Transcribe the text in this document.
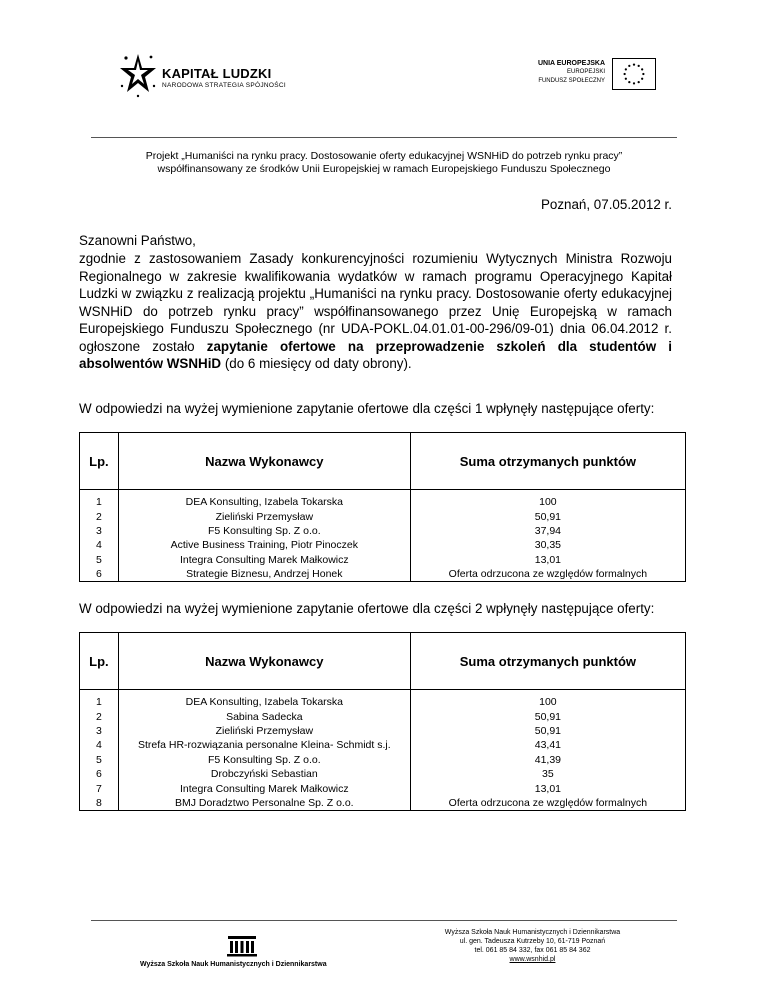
KAPITAŁ LUDZKI
NARODOWA STRATEGIA SPÓJNOŚCI
UNIA EUROPEJSKA
EUROPEJSKI
FUNDUSZ SPOŁECZNY
Projekt „Humaniści na rynku pracy. Dostosowanie oferty edukacyjnej WSNHiD do potrzeb rynku pracy”
współfinansowany ze środków Unii Europejskiej w ramach Europejskiego Funduszu Społecznego
Poznań, 07.05.2012 r.
Szanowni Państwo,
zgodnie z zastosowaniem Zasady konkurencyjności rozumieniu Wytycznych Ministra Rozwoju Regionalnego w zakresie kwalifikowania wydatków w ramach programu Operacyjnego Kapitał Ludzki w związku z realizacją projektu „Humaniści na rynku pracy. Dostosowanie oferty edukacyjnej WSNHiD do potrzeb rynku pracy” współfinansowanego przez Unię Europejską w ramach Europejskiego Funduszu Społecznego (nr UDA-POKL.04.01.01-00-296/09-01) dnia 06.04.2012 r. ogłoszone zostało zapytanie ofertowe na przeprowadzenie szkoleń dla studentów i absolwentów WSNHiD (do 6 miesięcy od daty obrony).
W odpowiedzi na wyżej wymienione zapytanie ofertowe dla części 1 wpłynęły następujące oferty:
Lp.	Nazwa Wykonawcy	Suma otrzymanych punktów

1	DEA Konsulting, Izabela Tokarska	100
2	Zieliński Przemysław	50,91
3	F5 Konsulting Sp. Z o.o.	37,94
4	Active Business Training, Piotr Pinoczek	30,35
5	Integra Consulting Marek Małkowicz	13,01
6	Strategie Biznesu, Andrzej Honek	Oferta odrzucona ze względów formalnych
W odpowiedzi na wyżej wymienione zapytanie ofertowe dla części 2 wpłynęły następujące oferty:
Lp.	Nazwa Wykonawcy	Suma otrzymanych punktów

1	DEA Konsulting, Izabela Tokarska	100
2	Sabina Sadecka	50,91
3	Zieliński Przemysław	50,91
4	Strefa HR-rozwiązania personalne Kleina- Schmidt s.j.	43,41
5	F5 Konsulting Sp. Z o.o.	41,39
6	Drobczyński Sebastian	35
7	Integra Consulting Marek Małkowicz	13,01
8	BMJ Doradztwo Personalne Sp. Z o.o.	Oferta odrzucona ze względów formalnych
Wyższa Szkoła Nauk Humanistycznych i Dziennikarstwa
Wyższa Szkoła Nauk Humanistycznych i Dziennikarstwa
ul. gen. Tadeusza Kutrzeby 10, 61-719 Poznań
tel. 061 85 84 332, fax 061 85 84 362
www.wsnhid.pl
